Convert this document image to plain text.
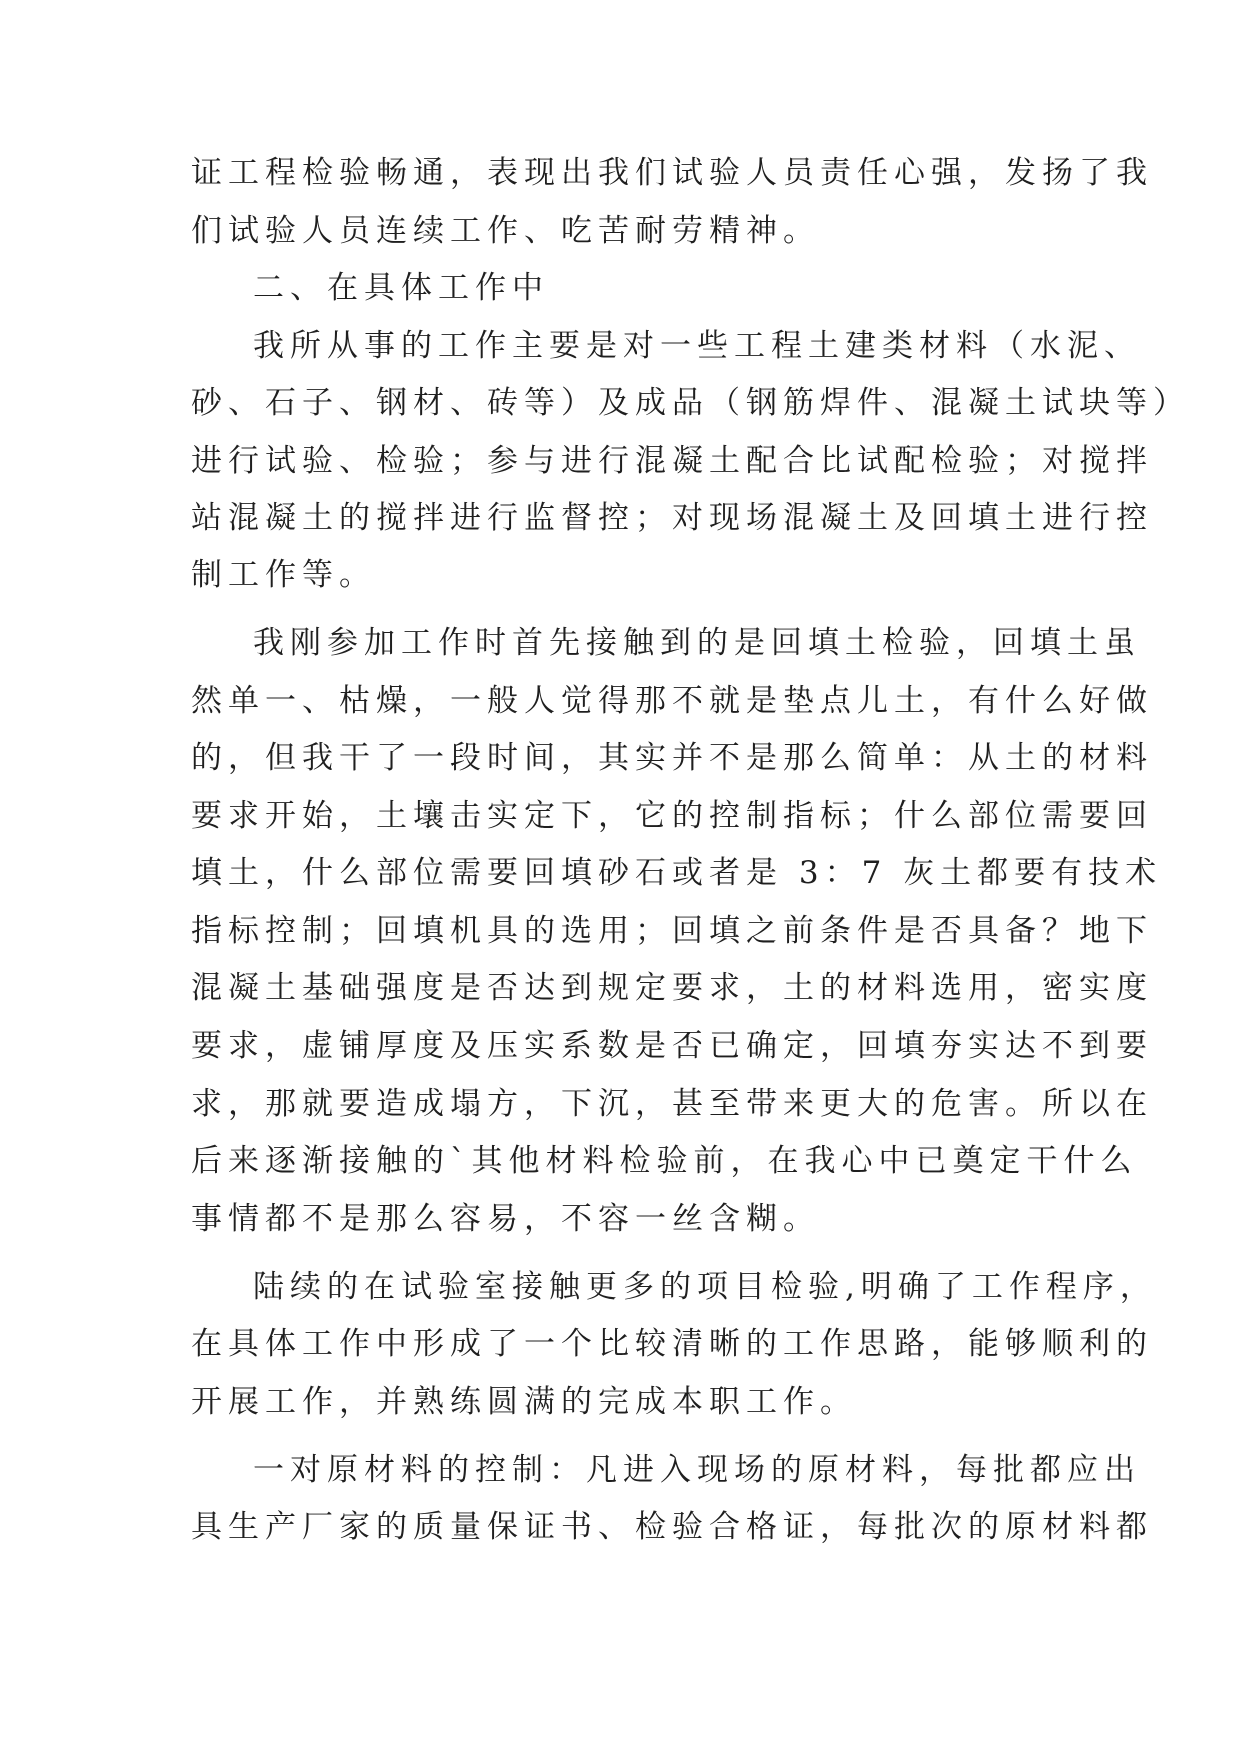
证工程检验畅通，表现出我们试验人员责任心强，发扬了我
们试验人员连续工作、吃苦耐劳精神。
二、在具体工作中
我所从事的工作主要是对一些工程土建类材料（水泥、
砂、石子、钢材、砖等）及成品（钢筋焊件、混凝土试块等）
进行试验、检验；参与进行混凝土配合比试配检验；对搅拌
站混凝土的搅拌进行监督控；对现场混凝土及回填土进行控
制工作等。
我刚参加工作时首先接触到的是回填土检验，回填土虽
然单一、枯燥，一般人觉得那不就是垫点儿土，有什么好做
的，但我干了一段时间，其实并不是那么简单：从土的材料
要求开始，土壤击实定下，它的控制指标；什么部位需要回
填土，什么部位需要回填砂石或者是 3：7 灰土都要有技术
指标控制；回填机具的选用；回填之前条件是否具备？地下
混凝土基础强度是否达到规定要求，土的材料选用，密实度
要求，虚铺厚度及压实系数是否已确定，回填夯实达不到要
求，那就要造成塌方，下沉，甚至带来更大的危害。所以在
后来逐渐接触的`其他材料检验前，在我心中已奠定干什么
事情都不是那么容易，不容一丝含糊。
陆续的在试验室接触更多的项目检验,明确了工作程序，
在具体工作中形成了一个比较清晰的工作思路，能够顺利的
开展工作，并熟练圆满的完成本职工作。
一对原材料的控制：凡进入现场的原材料，每批都应出
具生产厂家的质量保证书、检验合格证，每批次的原材料都
